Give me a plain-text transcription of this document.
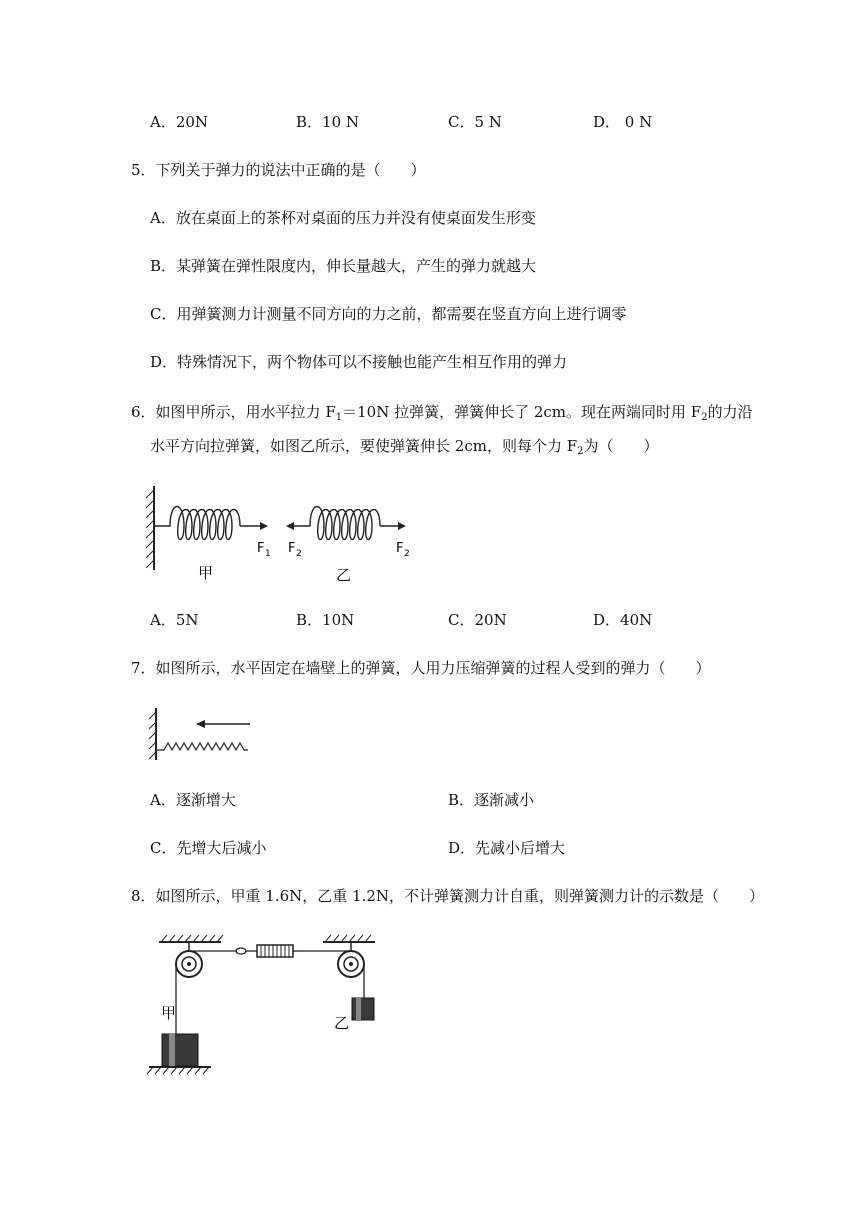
A．20N	B．10 N	C．5 N	D． 0 N
5．下列关于弹力的说法中正确的是（　　）
A．放在桌面上的茶杯对桌面的压力并没有使桌面发生形变
B．某弹簧在弹性限度内，伸长量越大，产生的弹力就越大
C．用弹簧测力计测量不同方向的力之前，都需要在竖直方向上进行调零
D．特殊情况下，两个物体可以不接触也能产生相互作用的弹力
6．如图甲所示，用水平拉力 $F_1=10N$ 拉弹簧，弹簧伸长了 2cm。现在两端同时用 $F_2$的力沿
水平方向拉弹簧，如图乙所示，要使弹簧伸长 2cm，则每个力 $F_2$为（　　）
F 1 F 2	F 2
甲	乙
A．5N	B．10N	C．20N	D．40N
7．如图所示，水平固定在墙壁上的弹簧，人用力压缩弹簧的过程人受到的弹力（　　）
A．逐渐增大	B．逐渐减小
C．先增大后减小	D．先减小后增大
8．如图所示，甲重 1.6N，乙重 1.2N，不计弹簧测力计自重，则弹簧测力计的示数是（　　）
甲
乙
